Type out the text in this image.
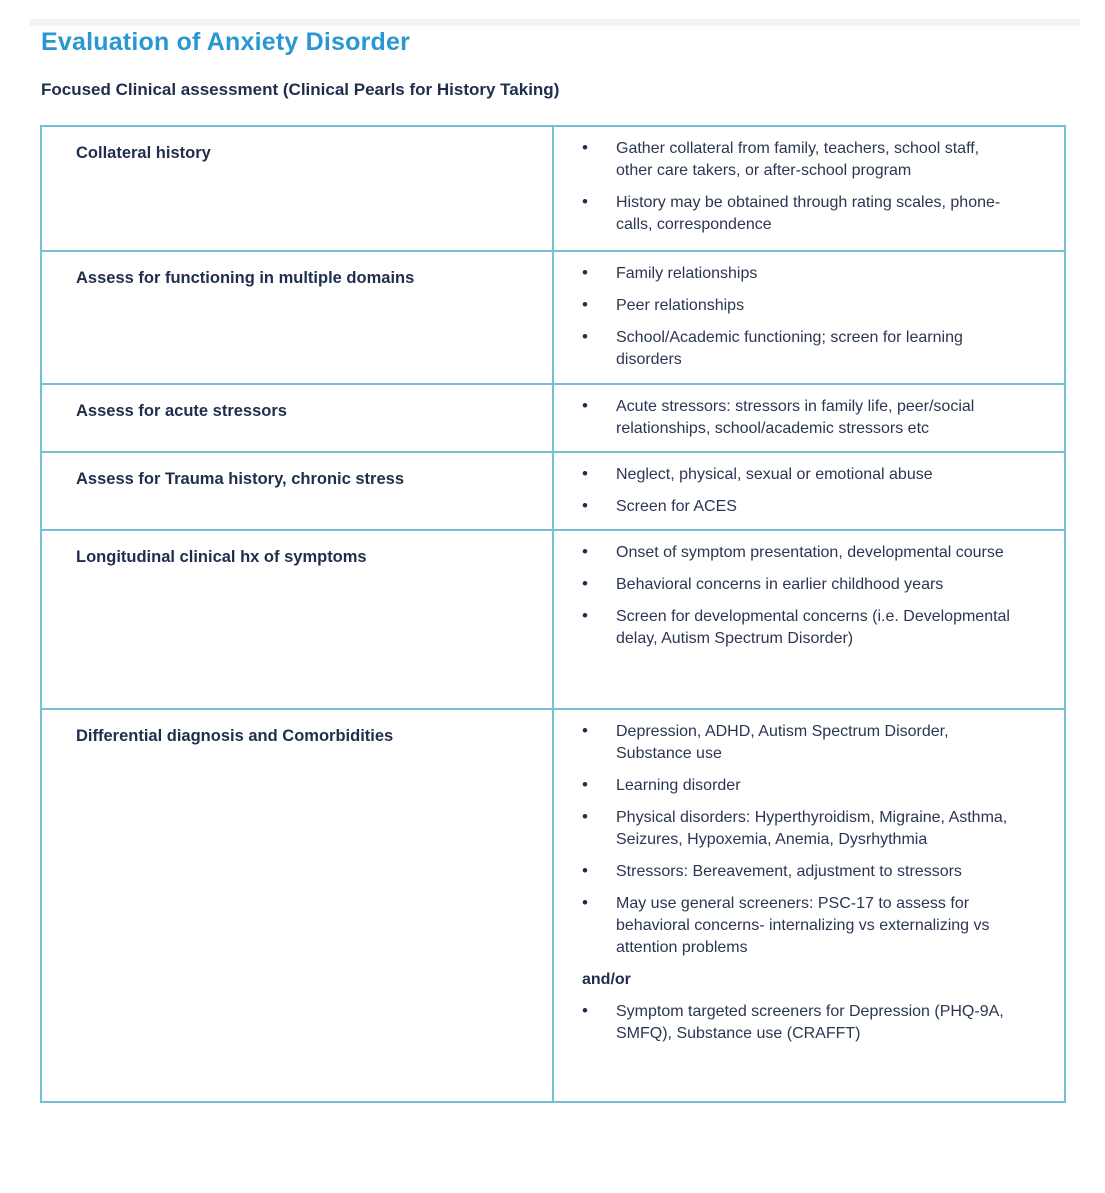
Evaluation of Anxiety Disorder
Focused Clinical assessment (Clinical Pearls for History Taking)
Collateral history	• Gather collateral from family, teachers, school staff, other care takers, or after-school program
• History may be obtained through rating scales, phone-calls, correspondence
Assess for functioning in multiple domains	• Family relationships
• Peer relationships
• School/Academic functioning; screen for learning disorders
Assess for acute stressors	• Acute stressors: stressors in family life, peer/social relationships, school/academic stressors etc
Assess for Trauma history, chronic stress	• Neglect, physical, sexual or emotional abuse
• Screen for ACES
Longitudinal clinical hx of symptoms	• Onset of symptom presentation, developmental course
• Behavioral concerns in earlier childhood years
• Screen for developmental concerns (i.e. Developmental delay, Autism Spectrum Disorder)
Differential diagnosis and Comorbidities	• Depression, ADHD, Autism Spectrum Disorder, Substance use
• Learning disorder
• Physical disorders: Hyperthyroidism, Migraine, Asthma, Seizures, Hypoxemia, Anemia, Dysrhythmia
• Stressors: Bereavement, adjustment to stressors
• May use general screeners: PSC-17 to assess for behavioral concerns- internalizing vs externalizing vs attention problems
and/or
• Symptom targeted screeners for Depression (PHQ-9A, SMFQ), Substance use (CRAFFT)
